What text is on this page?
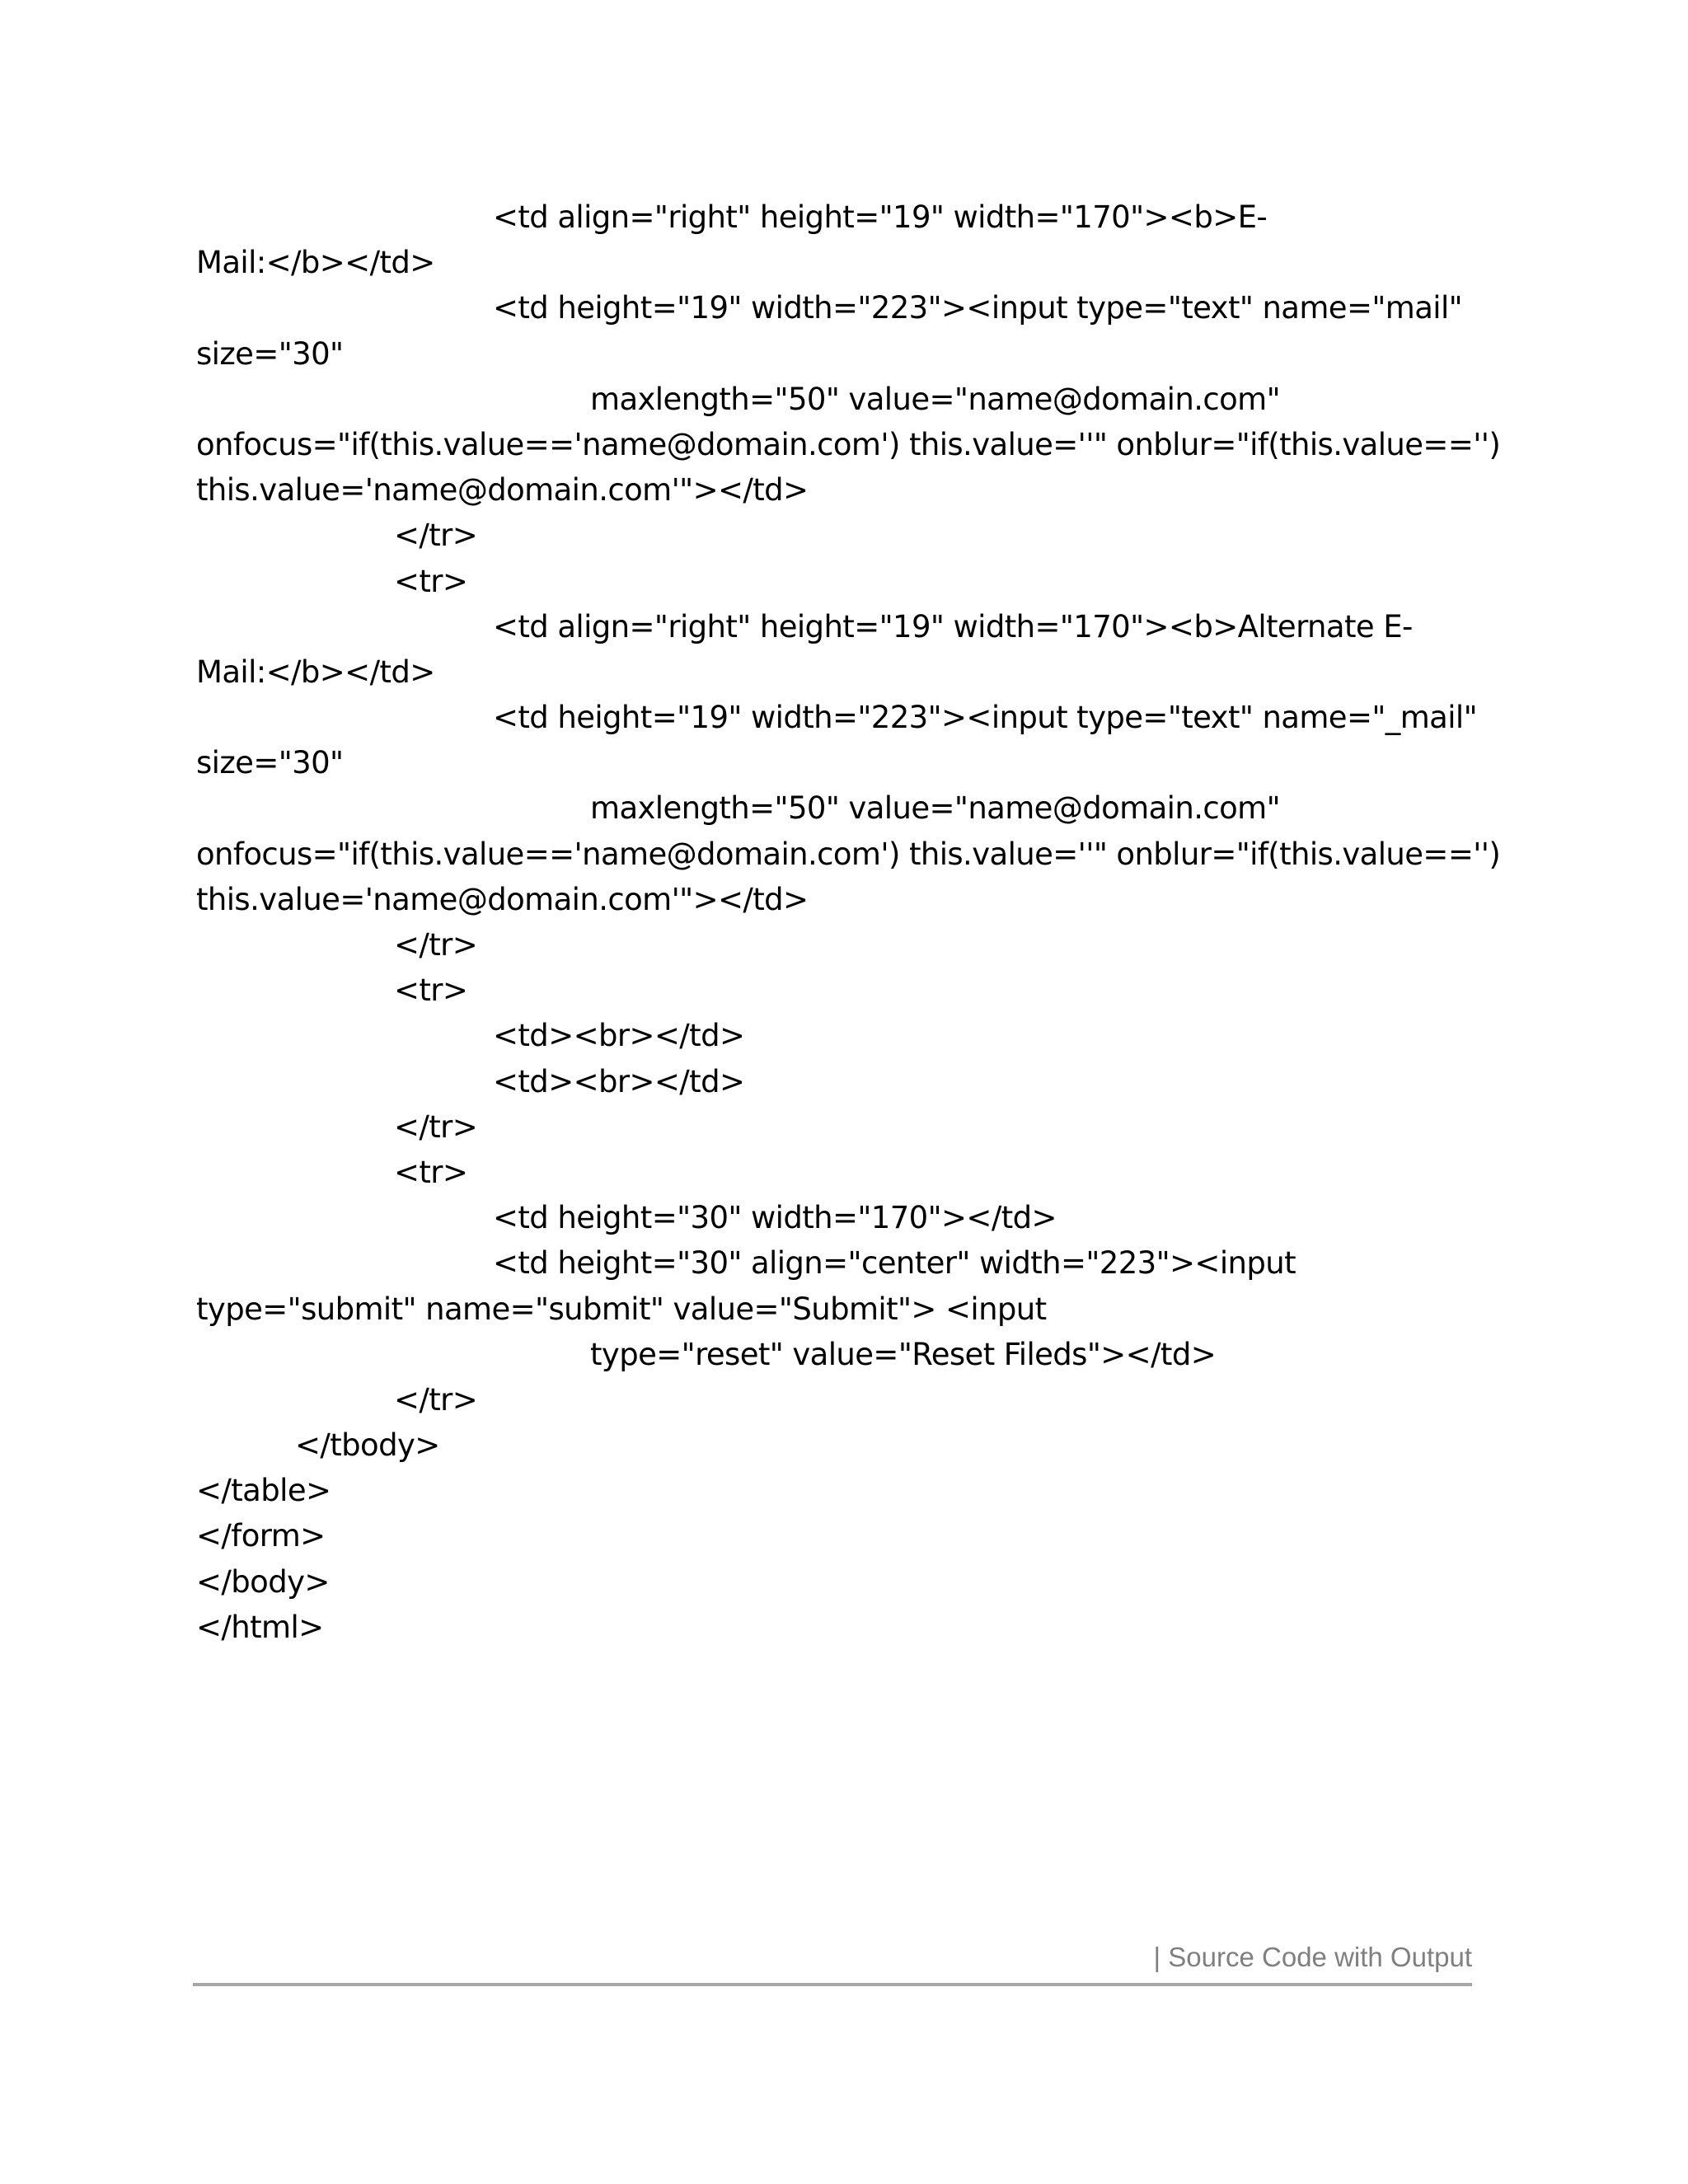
<td align="right" height="19" width="170"><b>E-
Mail:</b></td>
<td height="19" width="223"><input type="text" name="mail"
size="30"
maxlength="50" value="name@domain.com"
onfocus="if(this.value=='name@domain.com') this.value=''" onblur="if(this.value=='')
this.value='name@domain.com'"></td>
</tr>
<tr>
<td align="right" height="19" width="170"><b>Alternate E-
Mail:</b></td>
<td height="19" width="223"><input type="text" name="_mail"
size="30"
maxlength="50" value="name@domain.com"
onfocus="if(this.value=='name@domain.com') this.value=''" onblur="if(this.value=='')
this.value='name@domain.com'"></td>
</tr>
<tr>
<td><br></td>
<td><br></td>
</tr>
<tr>
<td height="30" width="170"></td>
<td height="30" align="center" width="223"><input
type="submit" name="submit" value="Submit"> <input
type="reset" value="Reset Fileds"></td>
</tr>
</tbody>
</table>
</form>
</body>
</html>
| Source Code with Output
